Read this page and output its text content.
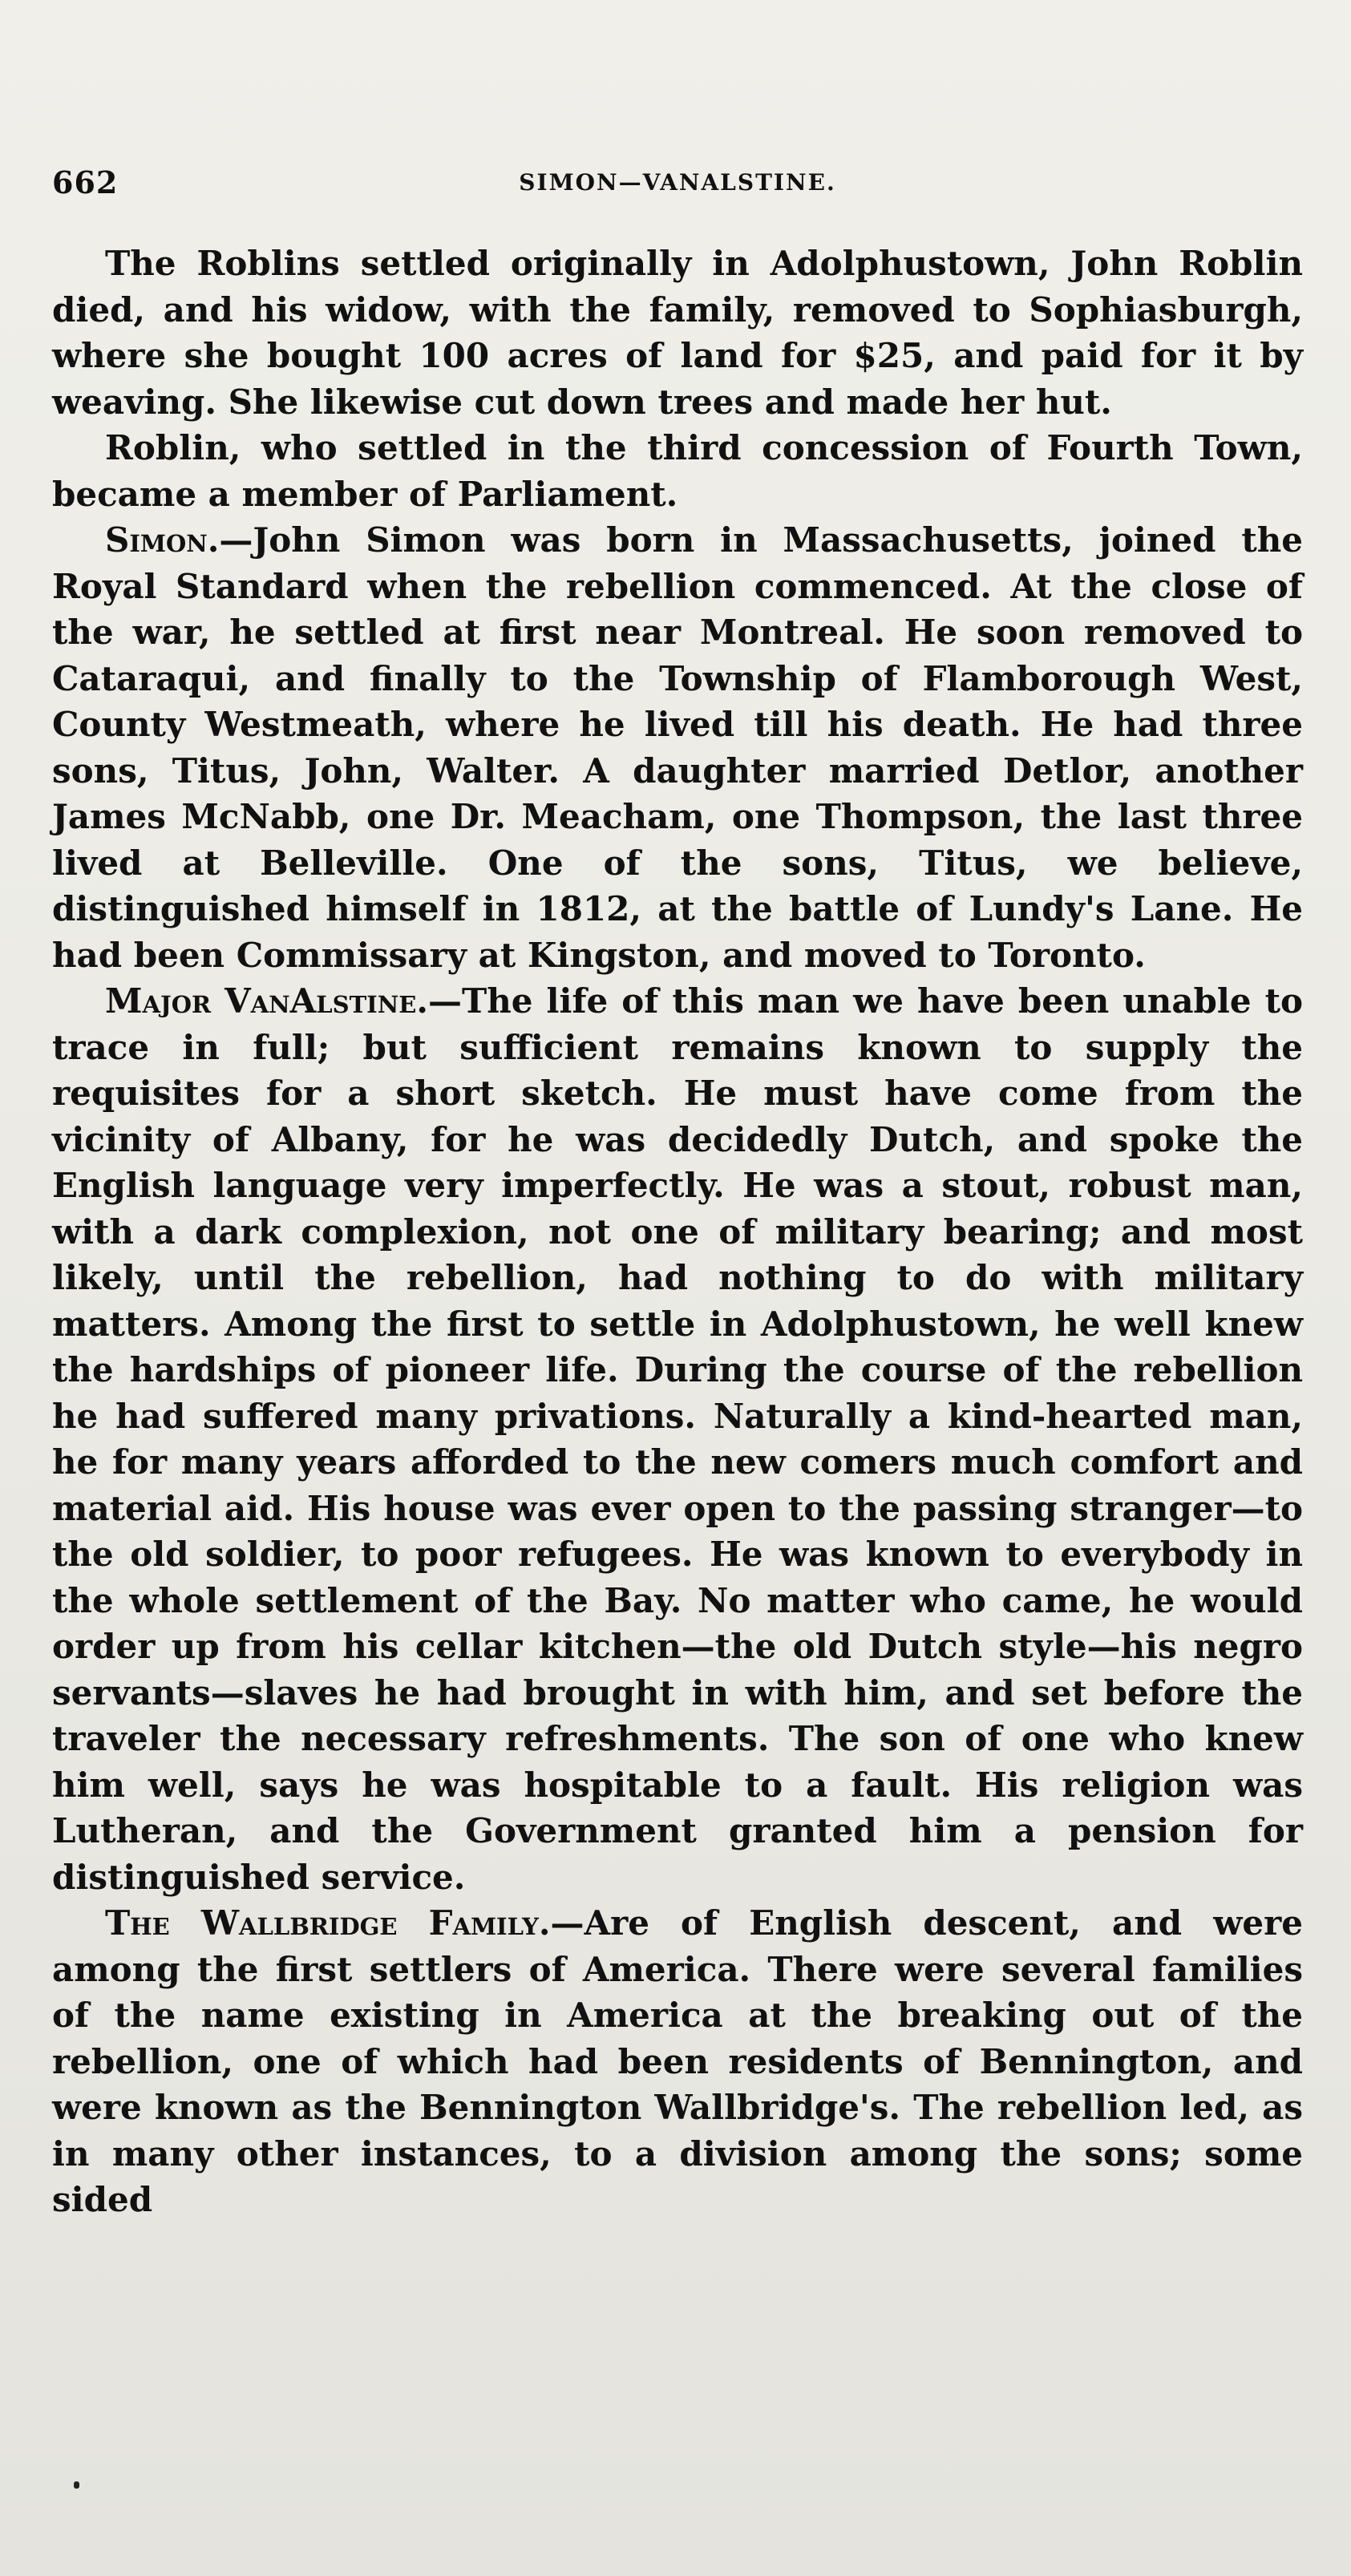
662	SIMON—VANALSTINE.

The Roblins settled originally in Adolphustown, John Roblin died, and his widow, with the family, removed to Sophiasburgh, where she bought 100 acres of land for $25, and paid for it by weaving. She likewise cut down trees and made her hut.

Roblin, who settled in the third concession of Fourth Town, became a member of Parliament.

Simon.—John Simon was born in Massachusetts, joined the Royal Standard when the rebellion commenced. At the close of the war, he settled at first near Montreal. He soon removed to Cataraqui, and finally to the Township of Flamborough West, County Westmeath, where he lived till his death. He had three sons, Titus, John, Walter. A daughter married Detlor, another James McNabb, one Dr. Meacham, one Thompson, the last three lived at Belleville. One of the sons, Titus, we believe, distinguished himself in 1812, at the battle of Lundy's Lane. He had been Commissary at Kingston, and moved to Toronto.

Major VanAlstine.—The life of this man we have been unable to trace in full; but sufficient remains known to supply the requisites for a short sketch. He must have come from the vicinity of Albany, for he was decidedly Dutch, and spoke the English language very imperfectly. He was a stout, robust man, with a dark complexion, not one of military bearing; and most likely, until the rebellion, had nothing to do with military matters. Among the first to settle in Adolphustown, he well knew the hardships of pioneer life. During the course of the rebellion he had suffered many privations. Naturally a kind-hearted man, he for many years afforded to the new comers much comfort and material aid. His house was ever open to the passing stranger—to the old soldier, to poor refugees. He was known to everybody in the whole settlement of the Bay. No matter who came, he would order up from his cellar kitchen—the old Dutch style—his negro servants—slaves he had brought in with him, and set before the traveler the necessary refreshments. The son of one who knew him well, says he was hospitable to a fault. His religion was Lutheran, and the Government granted him a pension for distinguished service.

The Wallbridge Family.—Are of English descent, and were among the first settlers of America. There were several families of the name existing in America at the breaking out of the rebellion, one of which had been residents of Bennington, and were known as the Bennington Wallbridge's. The rebellion led, as in many other instances, to a division among the sons; some sided
